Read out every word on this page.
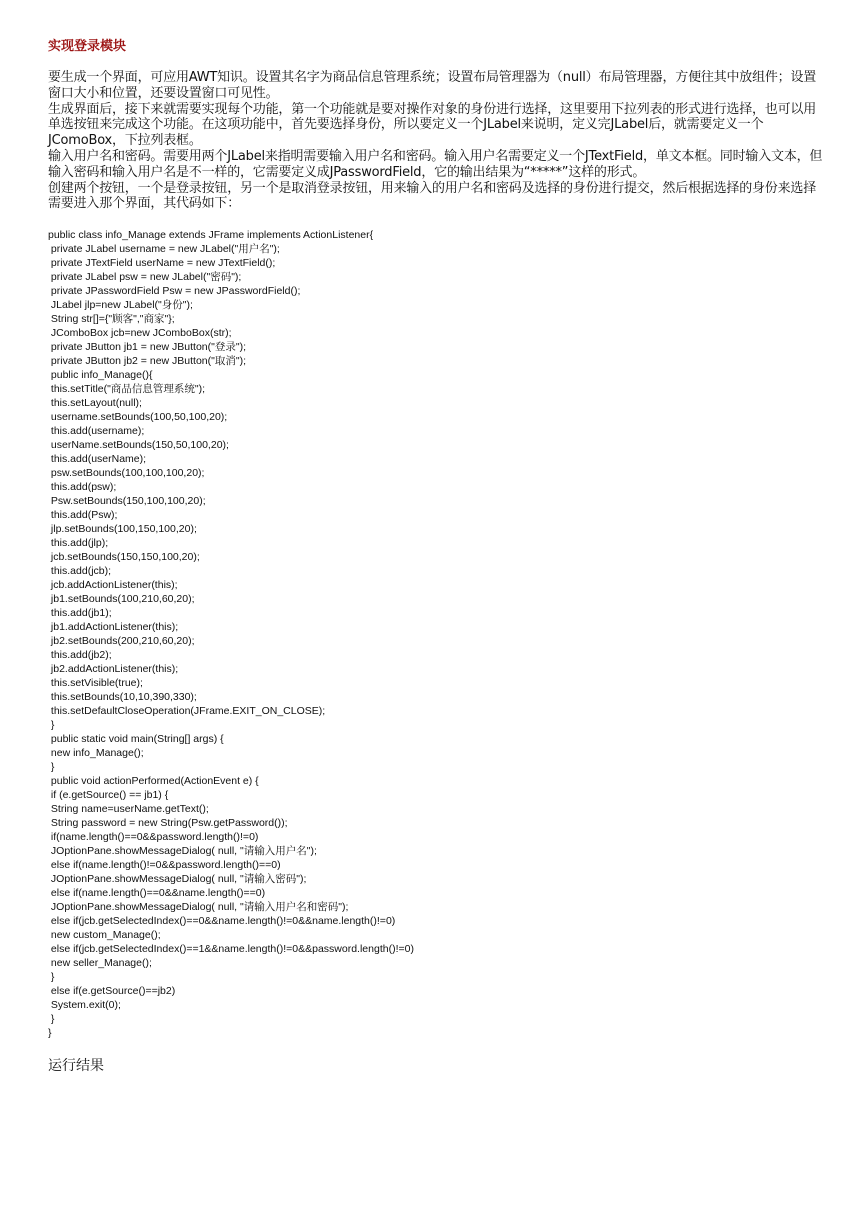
实现登录模块

要生成一个界面，可应用AWT知识。设置其名字为商品信息管理系统；设置布局管理器为（null）布局管理器，方便往其中放组件；设置窗口大小和位置，还要设置窗口可见性。

生成界面后，接下来就需要实现每个功能，第一个功能就是要对操作对象的身份进行选择，这里要用下拉列表的形式进行选择，也可以用单选按钮来完成这个功能。在这项功能中，首先要选择身份，所以要定义一个JLabel来说明，定义完JLabel后，就需要定义一个JComoBox，下拉列表框。

输入用户名和密码。需要用两个JLabel来指明需要输入用户名和密码。输入用户名需要定义一个JTextField，单文本框。同时输入文本，但输入密码和输入用户名是不一样的，它需要定义成JPasswordField，它的输出结果为“*****”这样的形式。

创建两个按钮，一个是登录按钮，另一个是取消登录按钮，用来输入的用户名和密码及选择的身份进行提交，然后根据选择的身份来选择需要进入那个界面，其代码如下：

public class info_Manage extends JFrame implements ActionListener{
private JLabel username = new JLabel("用户名");
private JTextField userName = new JTextField();
private JLabel psw = new JLabel("密码");
private JPasswordField Psw = new JPasswordField();
JLabel jlp=new JLabel("身份");
String str[]={"顾客","商家"};
JComboBox jcb=new JComboBox(str);
private JButton jb1 = new JButton("登录");
private JButton jb2 = new JButton("取消");
public info_Manage(){
this.setTitle("商品信息管理系统");
this.setLayout(null);
username.setBounds(100,50,100,20);
this.add(username);
userName.setBounds(150,50,100,20);
this.add(userName);
psw.setBounds(100,100,100,20);
this.add(psw);
Psw.setBounds(150,100,100,20);
this.add(Psw);
jlp.setBounds(100,150,100,20);
this.add(jlp);
jcb.setBounds(150,150,100,20);
this.add(jcb);
jcb.addActionListener(this);
jb1.setBounds(100,210,60,20);
this.add(jb1);
jb1.addActionListener(this);
jb2.setBounds(200,210,60,20);
this.add(jb2);
jb2.addActionListener(this);
this.setVisible(true);
this.setBounds(10,10,390,330);
this.setDefaultCloseOperation(JFrame.EXIT_ON_CLOSE);
}
public static void main(String[] args) {
new info_Manage();
}
public void actionPerformed(ActionEvent e) {
if (e.getSource() == jb1) {
String name=userName.getText();
String password = new String(Psw.getPassword());
if(name.length()==0&&password.length()!=0)
JOptionPane.showMessageDialog( null, "请输入用户名");
else if(name.length()!=0&&password.length()==0)
JOptionPane.showMessageDialog( null, "请输入密码");
else if(name.length()==0&&name.length()==0)
JOptionPane.showMessageDialog( null, "请输入用户名和密码");
else if(jcb.getSelectedIndex()==0&&name.length()!=0&&name.length()!=0)
new custom_Manage();
else if(jcb.getSelectedIndex()==1&&name.length()!=0&&password.length()!=0)
new seller_Manage();
}
else if(e.getSource()==jb2)
System.exit(0);
}
}
运行结果
